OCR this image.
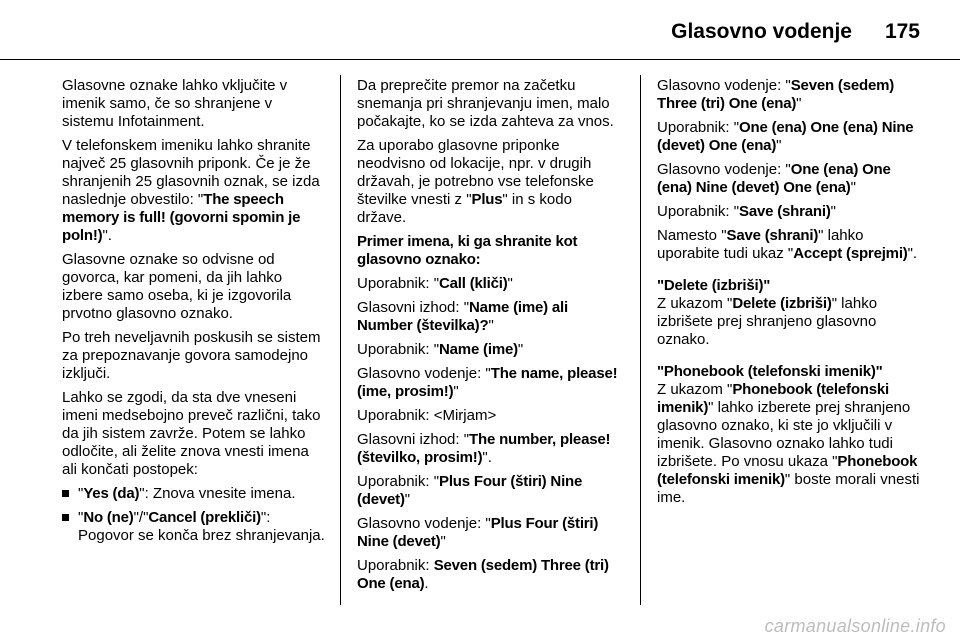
Glasovno vodenje 175

Glasovne oznake lahko vključite v imenik samo, če so shranjene v sistemu Infotainment.

V telefonskem imeniku lahko shranite največ 25 glasovnih priponk. Če je že shranjenih 25 glasovnih oznak, se izda naslednje obvestilo: "The speech memory is full! (govorni spomin je poln!)".

Glasovne oznake so odvisne od govorca, kar pomeni, da jih lahko izbere samo oseba, ki je izgovorila prvotno glasovno oznako.

Po treh neveljavnih poskusih se sistem za prepoznavanje govora samodejno izključi.

Lahko se zgodi, da sta dve vneseni imeni medsebojno preveč različni, tako da jih sistem zavrže. Potem se lahko odločite, ali želite znova vnesti imena ali končati postopek:

"Yes (da)": Znova vnesite imena.
"No (ne)"/"Cancel (prekliči)": Pogovor se konča brez shranjevanja.

Da preprečite premor na začetku snemanja pri shranjevanju imen, malo počakajte, ko se izda zahteva za vnos.

Za uporabo glasovne priponke neodvisno od lokacije, npr. v drugih državah, je potrebno vse telefonske številke vnesti z "Plus" in s kodo države.

Primer imena, ki ga shranite kot glasovno oznako:

Uporabnik: "Call (kliči)"

Glasovni izhod: "Name (ime) ali Number (številka)?"

Uporabnik: "Name (ime)"

Glasovno vodenje: "The name, please! (ime, prosim!)"

Uporabnik: <Mirjam>

Glasovni izhod: "The number, please! (številko, prosim!)".

Uporabnik: "Plus Four (štiri) Nine (devet)"

Glasovno vodenje: "Plus Four (štiri) Nine (devet)"

Uporabnik: Seven (sedem) Three (tri) One (ena).

Glasovno vodenje: "Seven (sedem) Three (tri) One (ena)"

Uporabnik: "One (ena) One (ena) Nine (devet) One (ena)"

Glasovno vodenje: "One (ena) One (ena) Nine (devet) One (ena)"

Uporabnik: "Save (shrani)"

Namesto "Save (shrani)" lahko uporabite tudi ukaz "Accept (sprejmi)".

"Delete (izbriši)"

Z ukazom "Delete (izbriši)" lahko izbrišete prej shranjeno glasovno oznako.

"Phonebook (telefonski imenik)"

Z ukazom "Phonebook (telefonski imenik)" lahko izberete prej shranjeno glasovno oznako, ki ste jo vključili v imenik. Glasovno oznako lahko tudi izbrišete. Po vnosu ukaza "Phonebook (telefonski imenik)" boste morali vnesti ime.

carmanualsonline.info
